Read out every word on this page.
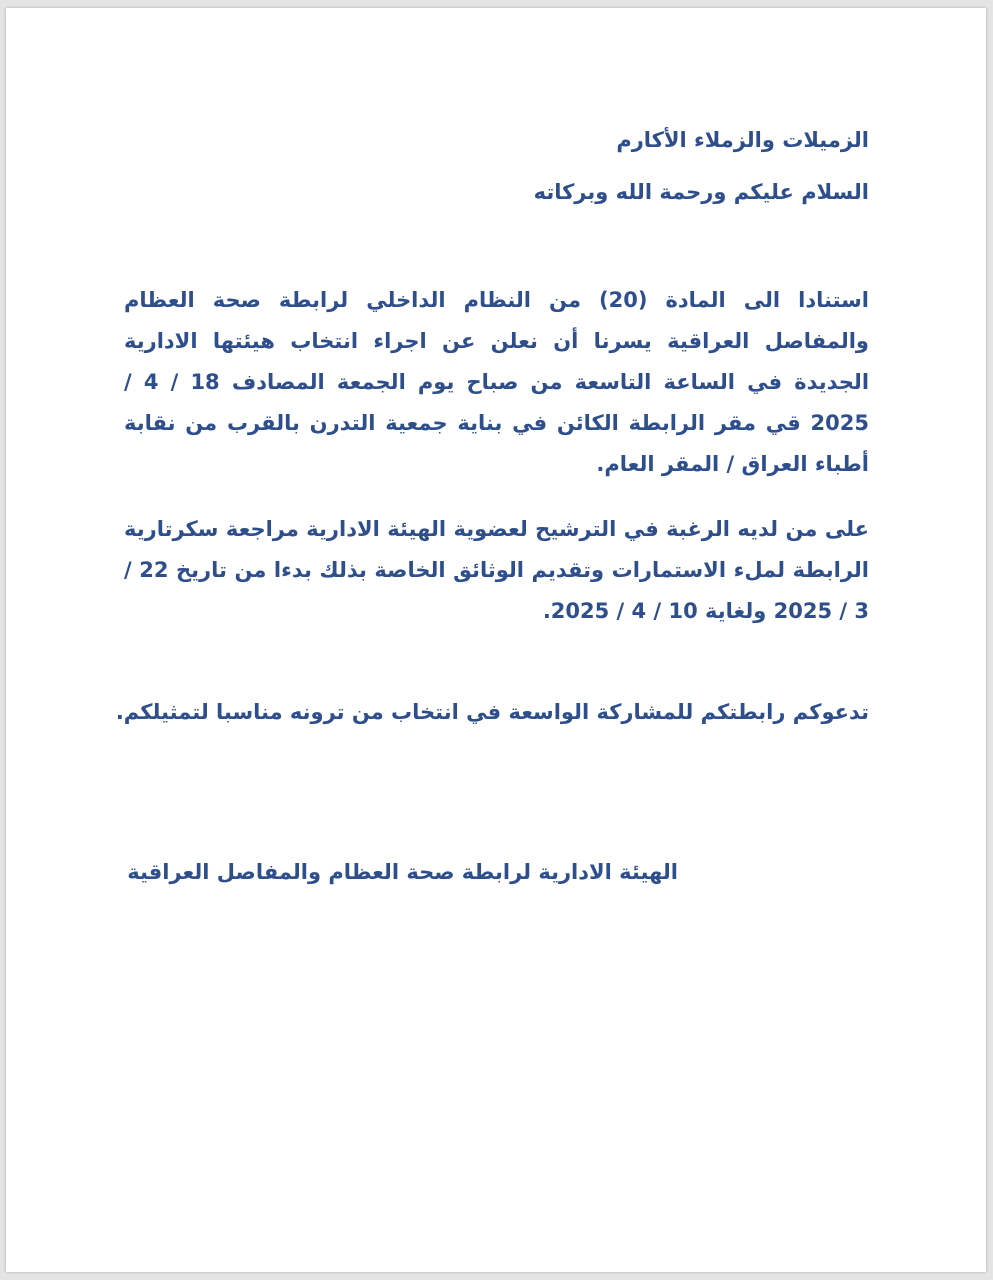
الزميلات والزملاء الأكارم
السلام عليكم ورحمة الله وبركاته
استنادا الى المادة (20) من النظام الداخلي لرابطة صحة العظام والمفاصل العراقية يسرنا أن نعلن عن اجراء انتخاب هيئتها الادارية الجديدة في الساعة التاسعة من صباح يوم الجمعة المصادف 18 / 4 / 2025 قي مقر الرابطة الكائن في بناية جمعية التدرن بالقرب من نقابة أطباء العراق / المقر العام.
على من لديه الرغبة في الترشيح لعضوية الهيئة الادارية مراجعة سكرتارية الرابطة لملء الاستمارات وتقديم الوثائق الخاصة بذلك بدءا من تاريخ 22 / 3 / 2025 ولغاية 10 / 4 / 2025.
تدعوكم رابطتكم للمشاركة الواسعة في انتخاب من ترونه مناسبا لتمثيلكم.
الهيئة الادارية لرابطة صحة العظام والمفاصل العراقية
